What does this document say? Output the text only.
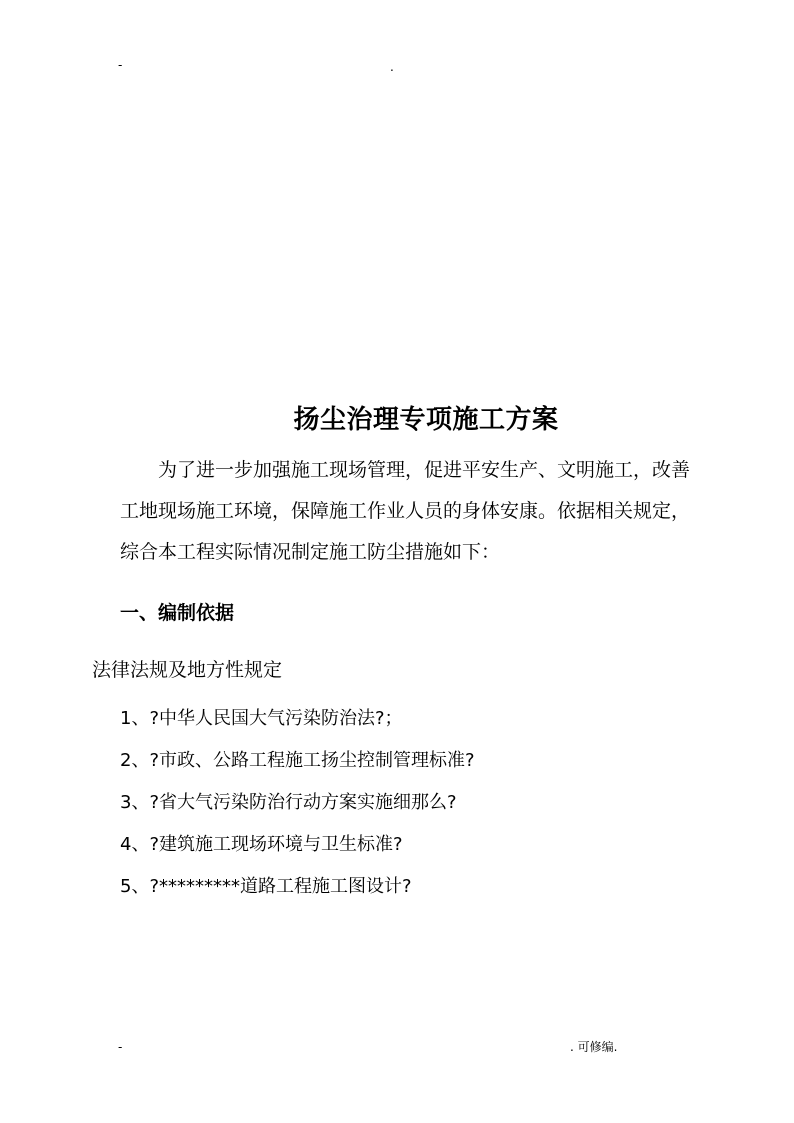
-	.
扬尘治理专项施工方案
　　为了进一步加强施工现场管理，促进平安生产、文明施工，改善
工地现场施工环境，保障施工作业人员的身体安康。依据相关规定，
综合本工程实际情况制定施工防尘措施如下：
一、编制依据
法律法规及地方性规定
1、?中华人民国大气污染防治法?；
2、?市政、公路工程施工扬尘控制管理标准?
3、?省大气污染防治行动方案实施细那么?
4、?建筑施工现场环境与卫生标准?
5、?*********道路工程施工图设计?
-	. 可修编.
